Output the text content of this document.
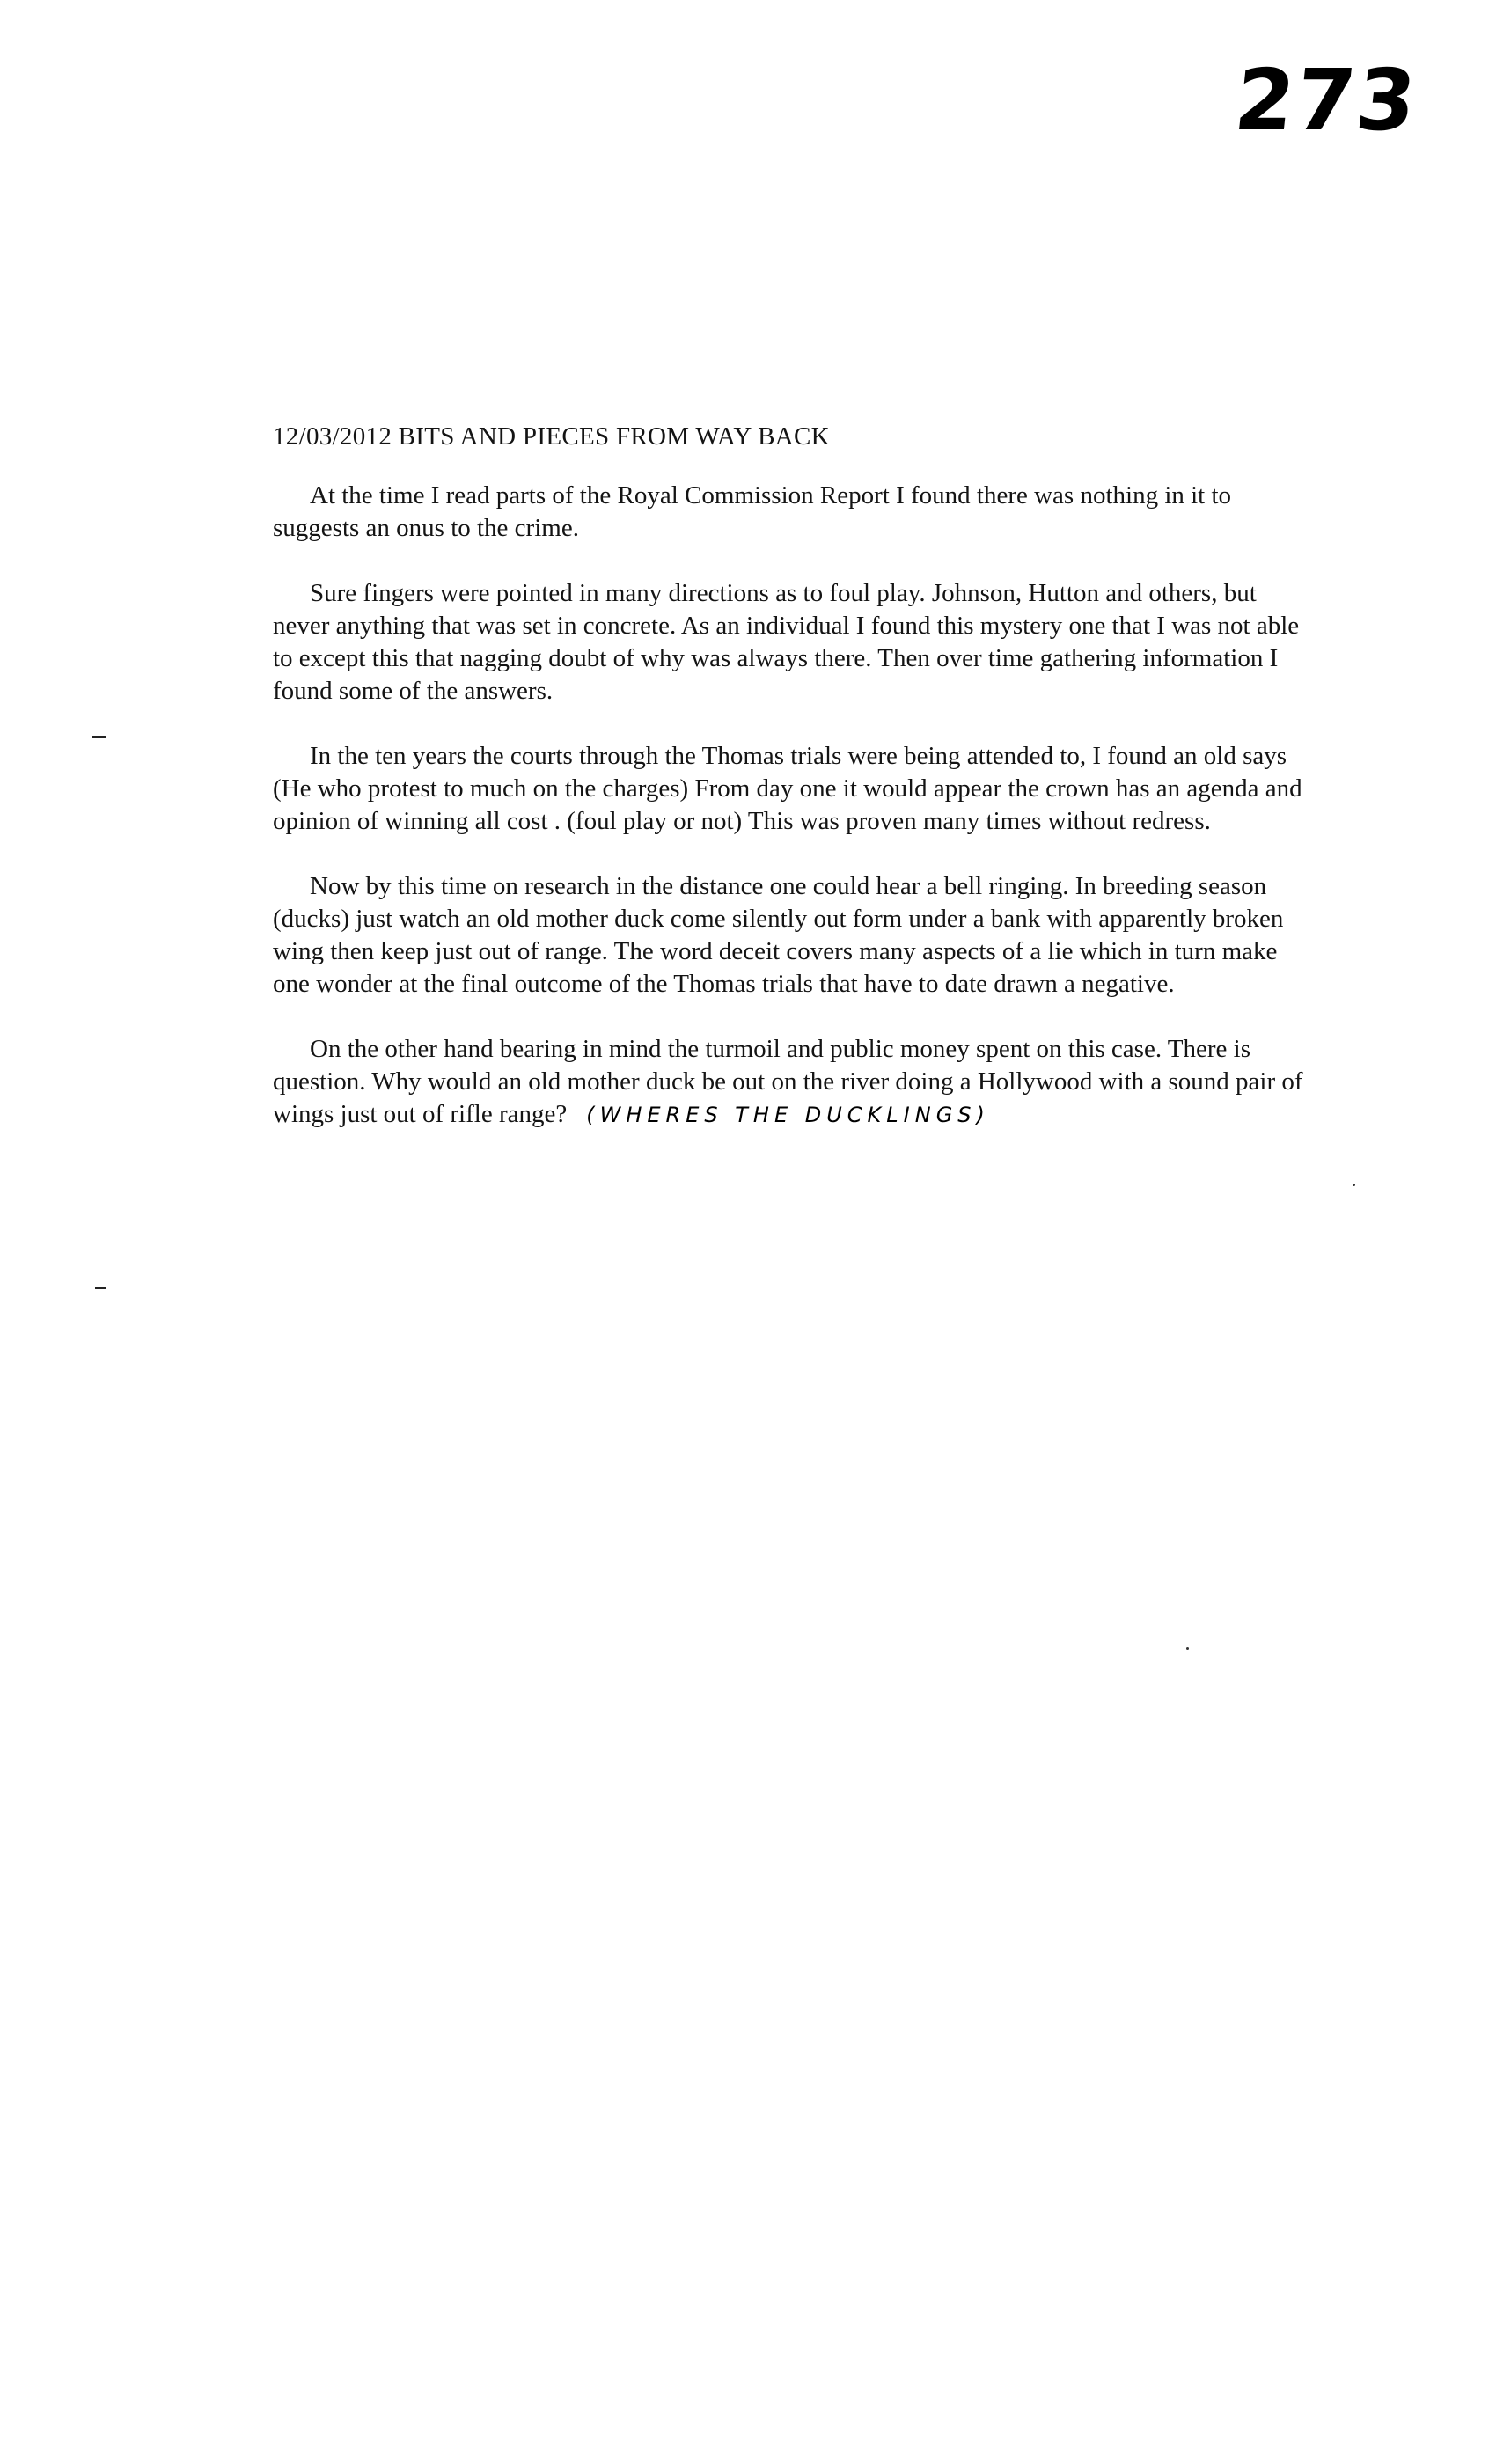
273
12/03/2012 BITS AND PIECES FROM WAY BACK

At the time I read parts of the Royal Commission Report I found there was nothing in it to suggests an onus to the crime.

Sure fingers were pointed in many directions as to foul play. Johnson, Hutton and others, but never anything that was set in concrete. As an individual I found this mystery one that I was not able to except this that nagging doubt of why was always there. Then over time gathering information I found some of the answers.

In the ten years the courts through the Thomas trials were being attended to, I found an old says (He who protest to much on the charges) From day one it would appear the crown has an agenda and opinion of winning all cost . (foul play or not) This was proven many times without redress.

Now by this time on research in the distance one could hear a bell ringing. In breeding season (ducks) just watch an old mother duck come silently out form under a bank with apparently broken wing then keep just out of range. The word deceit covers many aspects of a lie which in turn make one wonder at the final outcome of the Thomas trials that have to date drawn a negative.

On the other hand bearing in mind the turmoil and public money spent on this case. There is question. Why would an old mother duck be out on the river doing a Hollywood with a sound pair of wings just out of rifle range? (WHERES THE DUCKLINGS)
